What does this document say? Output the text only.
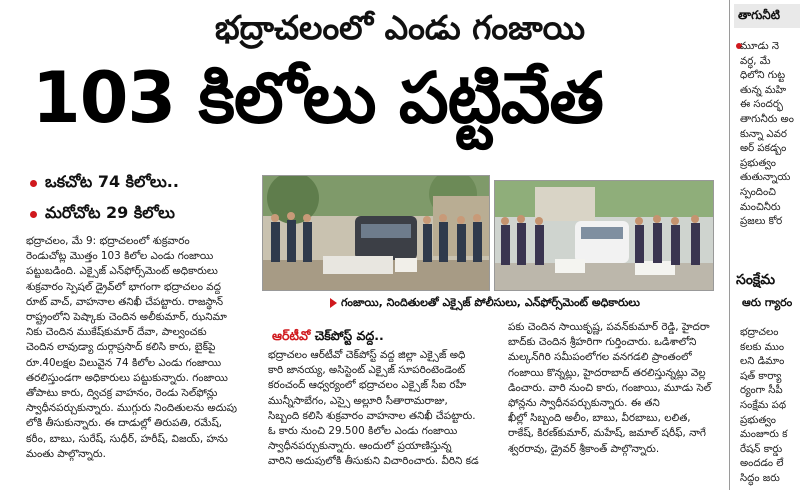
భద్రాచలంలో ఎండు గంజాయి
103 కిలోలు పట్టివేత
ఒకచోట 74 కిలోలు..
మరోచోట 29 కిలోలు
భద్రాచలం, మే 9: భద్రాచలంలో శుక్రవారం
రెండుచోట్ల మొత్తం 103 కిలోల ఎండు గంజాయి
పట్టుబడింది. ఎక్సైజ్ ఎన్‌ఫోర్స్‌మెంట్ అధికారులు
శుక్రవారం స్పెషల్ డ్రైవ్‌లో భాగంగా భద్రాచలం వద్ద
రూట్ వాచ్, వాహనాల తనిఖీ చేపట్టారు. రాజస్థాన్
రాష్ట్రంలోని పెష్కాకు చెందిన అలీకుమార్, ఝనిమా
నికు చెందిన ముకేష్‌కుమార్ దేవా, పాల్వంచకు
చెందిన లావుడ్యా దుర్గాప్రసాద్ కలిసి కారు, బైక్‌పై
రూ.40లక్షల విలువైన 74 కిలోల ఎండు గంజాయి
తరలిస్తుండగా అధికారులు పట్టుకున్నారు. గంజాయి
తోపాటు కారు, ద్విచక్ర వాహనం, రెండు సెల్‌ఫోన్లు
స్వాధీనపర్చుకున్నారు. ముగ్గురు నిందితులను అదుపు
లోకి తీసుకున్నారు. ఈ దాడుల్లో తిరుపతి, రమేష్,
కరీం, బాబు, సురేష్, సుధీర్, హరీష్, విజయ్, హను
మంతు పాల్గొన్నారు.
గంజాయి, నిందితులతో ఎక్సైజ్ పోలీసులు, ఎన్‌ఫోర్స్‌మెంట్ అధికారులు
ఆర్‌టీవో చెక్‌పోస్ట్ వద్ద..
భద్రాచలం ఆర్‌టీవో చెక్‌పోస్ట్ వద్ద జిల్లా ఎక్సైజ్ అధి
కారి జానయ్య, అసిస్టెంట్ ఎక్సైజ్ సూపరింటెండెంట్
కరంచంద్ ఆధ్వర్యంలో భద్రాచలం ఎక్సైజ్ సీఐ రహీ
మున్నీసాబేగం, ఎస్సై అల్లూరి సీతారామరాజు,
సిబ్బంది కలిసి శుక్రవారం వాహనాల తనిఖీ చేపట్టారు.
ఓ కారు నుంచి 29.500 కిలోల ఎండు గంజాయి
స్వాధీనపర్చుకున్నారు. ఆందులో ప్రయాణిస్తున్న
వారిని అదుపులోకి తీసుకుని విచారించారు. వీరిని కడ
పకు చెందిన సాయికృష్ణ, పవన్‌కుమార్ రెడ్డి, హైదరా
బాద్‌కు చెందిన శ్రీహరిగా గుర్తించారు. ఒడిశాలోని
మల్కన్‌గిరి సమీపంలోగల వనగడలి ప్రాంతంలో
గంజాయి కొన్నట్లు, హైదరాబాద్ తరలిస్తున్నట్లు వెల్ల
డించారు. వారి నుంచి కారు, గంజాయి, మూడు సెల్
ఫోన్లను స్వాధీనపర్చుకున్నారు. ఈ తని
ఖీల్లో సిబ్బంది అలీం, బాబు, వీరబాబు, లలిత,
రాకేష్, కిరణ్‌కుమార్, మహేష్, జమాల్ షరీఫ్, నాగే
శ్వరరావు, డ్రైవర్ శ్రీకాంత్ పాల్గొన్నారు.
తాగునీటి
మూడు నె
వర్ధ, మే
ధిలోని గుట్ట
తున్న మహి
ఈ సందర్భ
తాగునీరు అం
కున్నా ఎవర
అర్ పకడ్బం
ప్రభుత్వం
తుతున్నాయ
స్పందించి
మంచినీరు
ప్రజలు కోర
సంక్షేమ
ఆరు గ్యారం
భద్రాచలం
కలకు ముం
లని డిమాం
షత్ కార్యా
ర్యంగా సీపీ
సంక్షేమ పథ
ప్రభుత్వం
మంజూరు క
రేషన్ కార్డు
అందడం లే
సిద్ధం జరు
